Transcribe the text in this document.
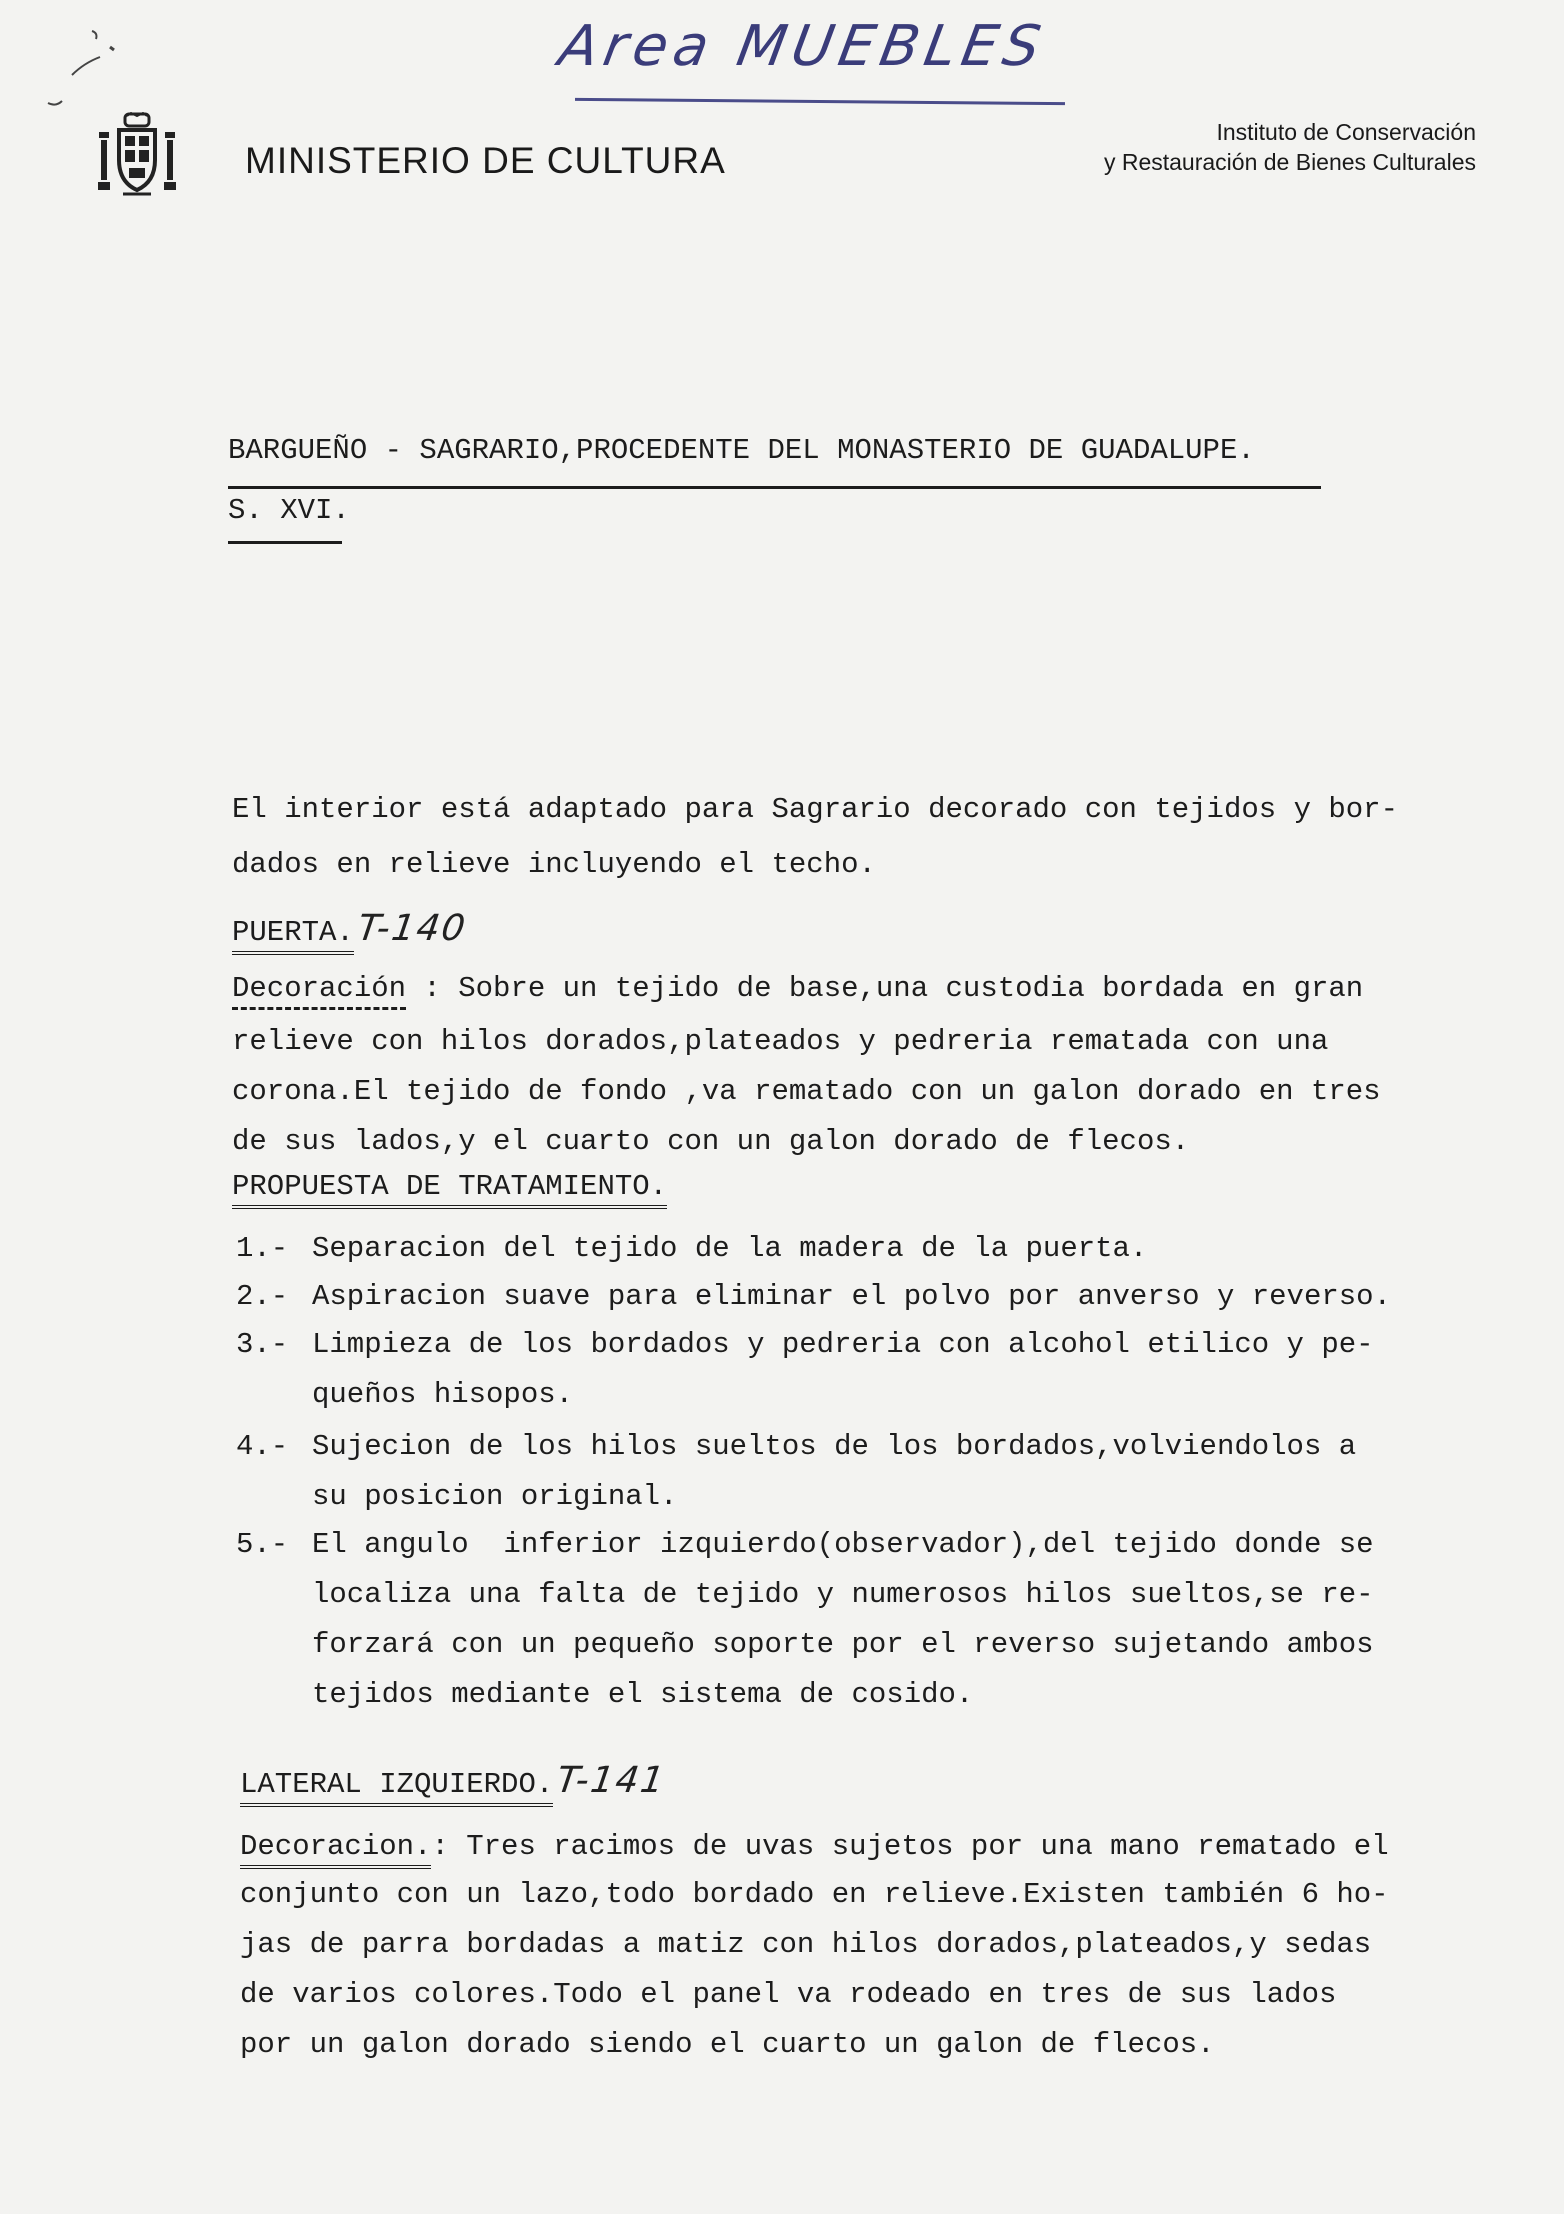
Area MUEBLES
MINISTERIO DE CULTURA
Instituto de Conservación
y Restauración de Bienes Culturales
BARGUEÑO - SAGRARIO,PROCEDENTE DEL MONASTERIO DE GUADALUPE.
S. XVI.
El interior está adaptado para Sagrario decorado con tejidos y bor-
dados en relieve incluyendo el techo.
PUERTA. T-140
Decoración : Sobre un tejido de base,una custodia bordada en gran
relieve con hilos dorados,plateados y pedreria rematada con una
corona.El tejido de fondo ,va rematado con un galon dorado en tres
de sus lados,y el cuarto con un galon dorado de flecos.
PROPUESTA DE TRATAMIENTO.
1.- Separacion del tejido de la madera de la puerta.
2.- Aspiracion suave para eliminar el polvo por anverso y reverso.
3.- Limpieza de los bordados y pedreria con alcohol etilico y pe-
queños hisopos.
4.- Sujecion de los hilos sueltos de los bordados,volviendolos a
su posicion original.
5.- El angulo  inferior izquierdo(observador),del tejido donde se
localiza una falta de tejido y numerosos hilos sueltos,se re-
forzará con un pequeño soporte por el reverso sujetando ambos
tejidos mediante el sistema de cosido.
LATERAL IZQUIERDO. T-141
Decoracion.: Tres racimos de uvas sujetos por una mano rematado el
conjunto con un lazo,todo bordado en relieve.Existen también 6 ho-
jas de parra bordadas a matiz con hilos dorados,plateados,y sedas
de varios colores.Todo el panel va rodeado en tres de sus lados
por un galon dorado siendo el cuarto un galon de flecos.
